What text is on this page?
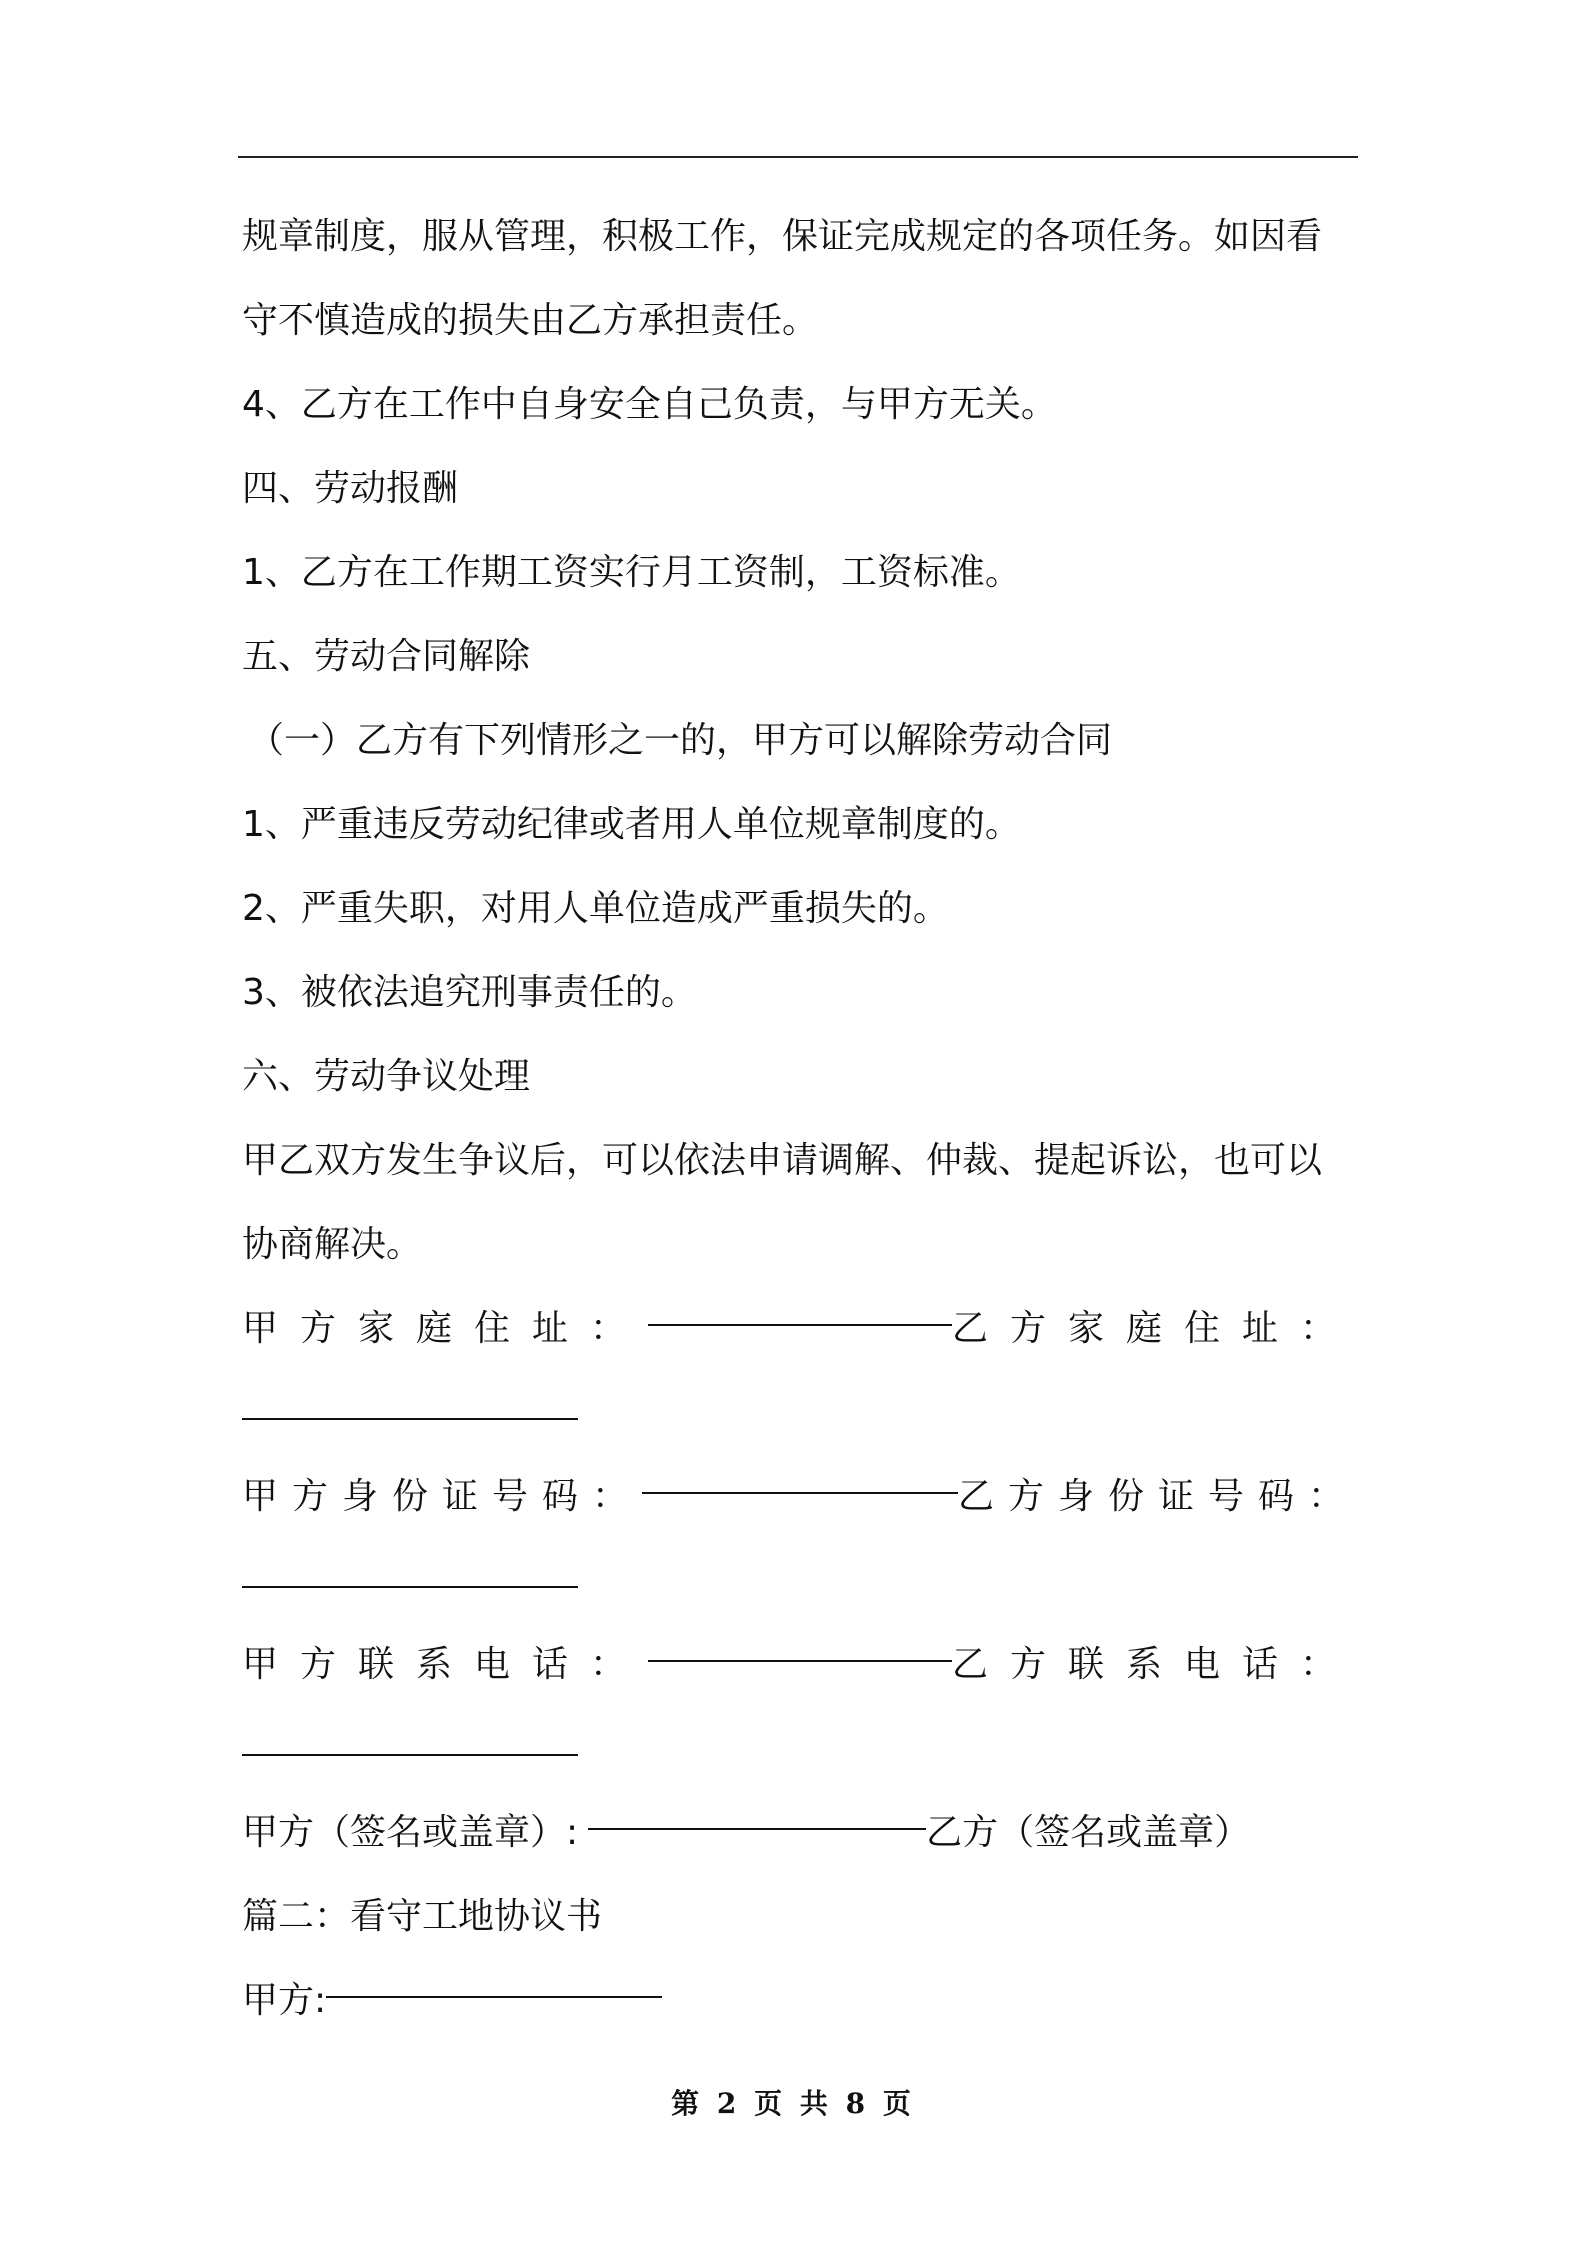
规章制度，服从管理，积极工作，保证完成规定的各项任务。如因看
守不慎造成的损失由乙方承担责任。
4、乙方在工作中自身安全自己负责，与甲方无关。
四、劳动报酬
1、乙方在工作期工资实行月工资制，工资标准。
五、劳动合同解除
（一）乙方有下列情形之一的，甲方可以解除劳动合同
1、严重违反劳动纪律或者用人单位规章制度的。
2、严重失职，对用人单位造成严重损失的。
3、被依法追究刑事责任的。
六、劳动争议处理
甲乙双方发生争议后，可以依法申请调解、仲裁、提起诉讼，也可以
协商解决。
甲方家庭住址：	乙方家庭住址：
甲方身份证号码：	乙方身份证号码：
甲方联系电话：	乙方联系电话：
甲方（签名或盖章）:	乙方（签名或盖章）
篇二：看守工地协议书
甲方:
第 2 页 共 8 页
